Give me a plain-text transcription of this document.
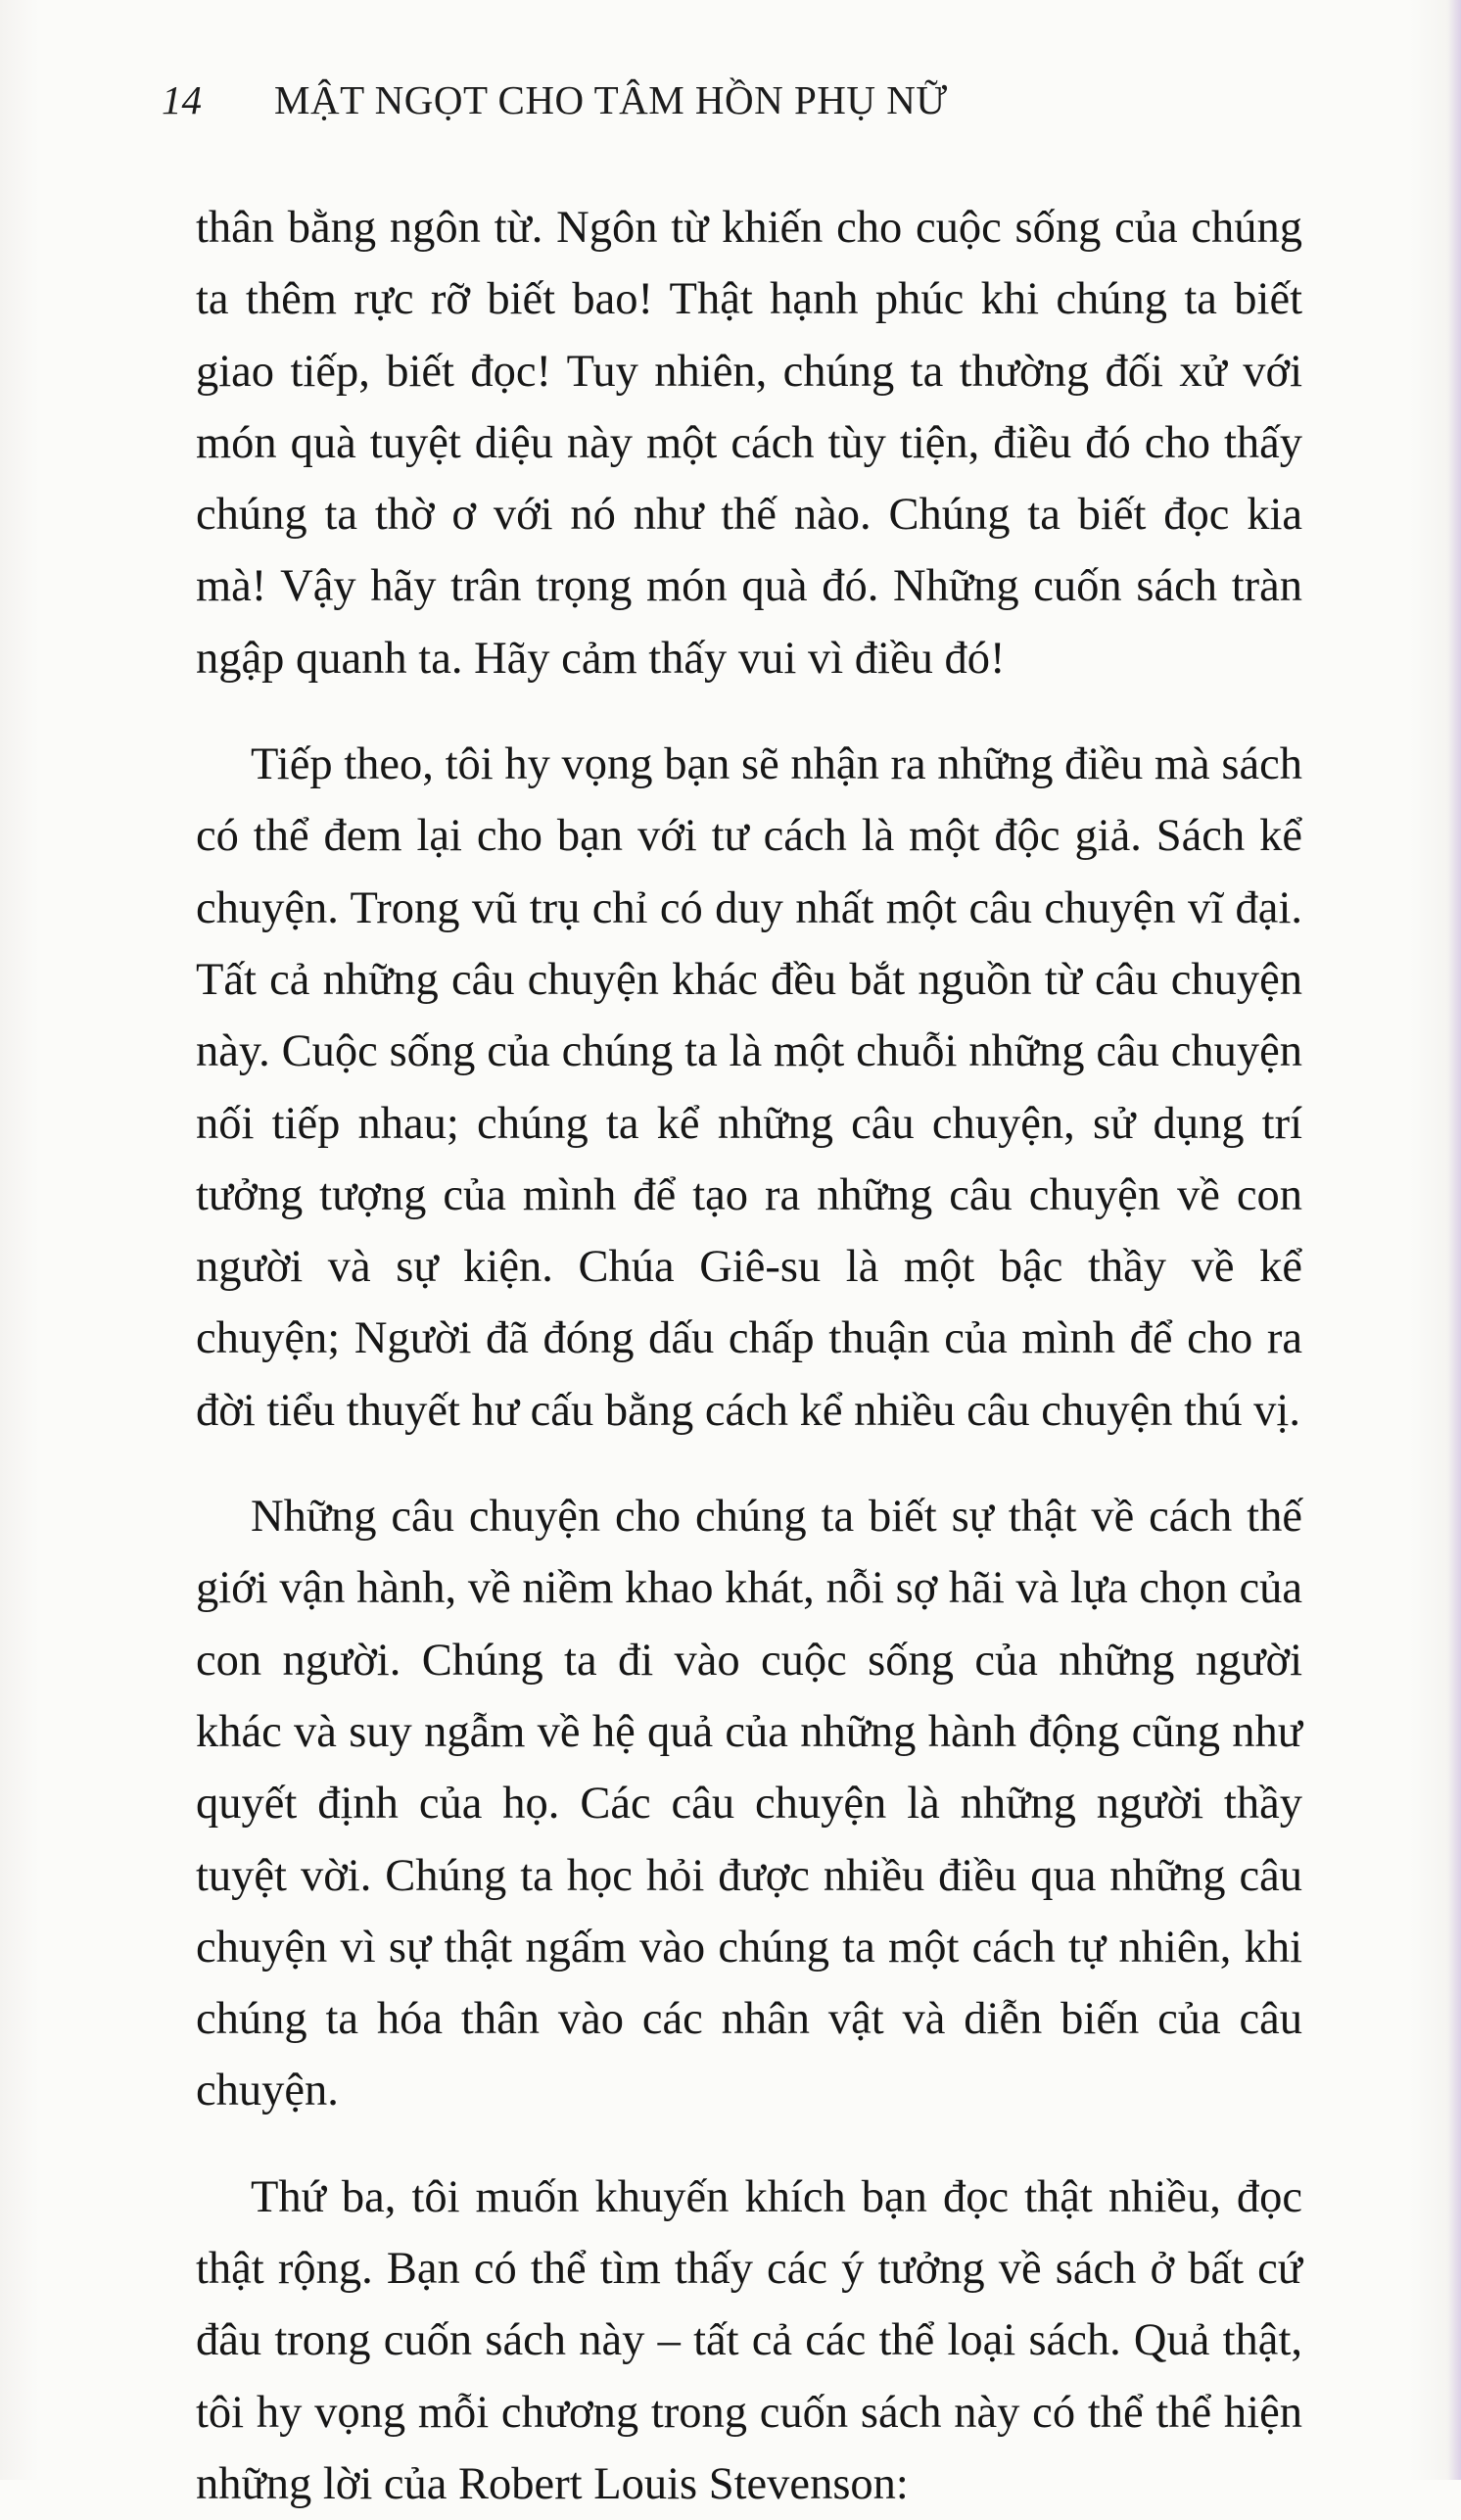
14 MẬT NGỌT CHO TÂM HỒN PHỤ NỮ

thân bằng ngôn từ. Ngôn từ khiến cho cuộc sống của chúng ta thêm rực rỡ biết bao! Thật hạnh phúc khi chúng ta biết giao tiếp, biết đọc! Tuy nhiên, chúng ta thường đối xử với món quà tuyệt diệu này một cách tùy tiện, điều đó cho thấy chúng ta thờ ơ với nó như thế nào. Chúng ta biết đọc kia mà! Vậy hãy trân trọng món quà đó. Những cuốn sách tràn ngập quanh ta. Hãy cảm thấy vui vì điều đó!

Tiếp theo, tôi hy vọng bạn sẽ nhận ra những điều mà sách có thể đem lại cho bạn với tư cách là một độc giả. Sách kể chuyện. Trong vũ trụ chỉ có duy nhất một câu chuyện vĩ đại. Tất cả những câu chuyện khác đều bắt nguồn từ câu chuyện này. Cuộc sống của chúng ta là một chuỗi những câu chuyện nối tiếp nhau; chúng ta kể những câu chuyện, sử dụng trí tưởng tượng của mình để tạo ra những câu chuyện về con người và sự kiện. Chúa Giê-su là một bậc thầy về kể chuyện; Người đã đóng dấu chấp thuận của mình để cho ra đời tiểu thuyết hư cấu bằng cách kể nhiều câu chuyện thú vị.

Những câu chuyện cho chúng ta biết sự thật về cách thế giới vận hành, về niềm khao khát, nỗi sợ hãi và lựa chọn của con người. Chúng ta đi vào cuộc sống của những người khác và suy ngẫm về hệ quả của những hành động cũng như quyết định của họ. Các câu chuyện là những người thầy tuyệt vời. Chúng ta học hỏi được nhiều điều qua những câu chuyện vì sự thật ngấm vào chúng ta một cách tự nhiên, khi chúng ta hóa thân vào các nhân vật và diễn biến của câu chuyện.

Thứ ba, tôi muốn khuyến khích bạn đọc thật nhiều, đọc thật rộng. Bạn có thể tìm thấy các ý tưởng về sách ở bất cứ đâu trong cuốn sách này – tất cả các thể loại sách. Quả thật, tôi hy vọng mỗi chương trong cuốn sách này có thể thể hiện những lời của Robert Louis Stevenson:
